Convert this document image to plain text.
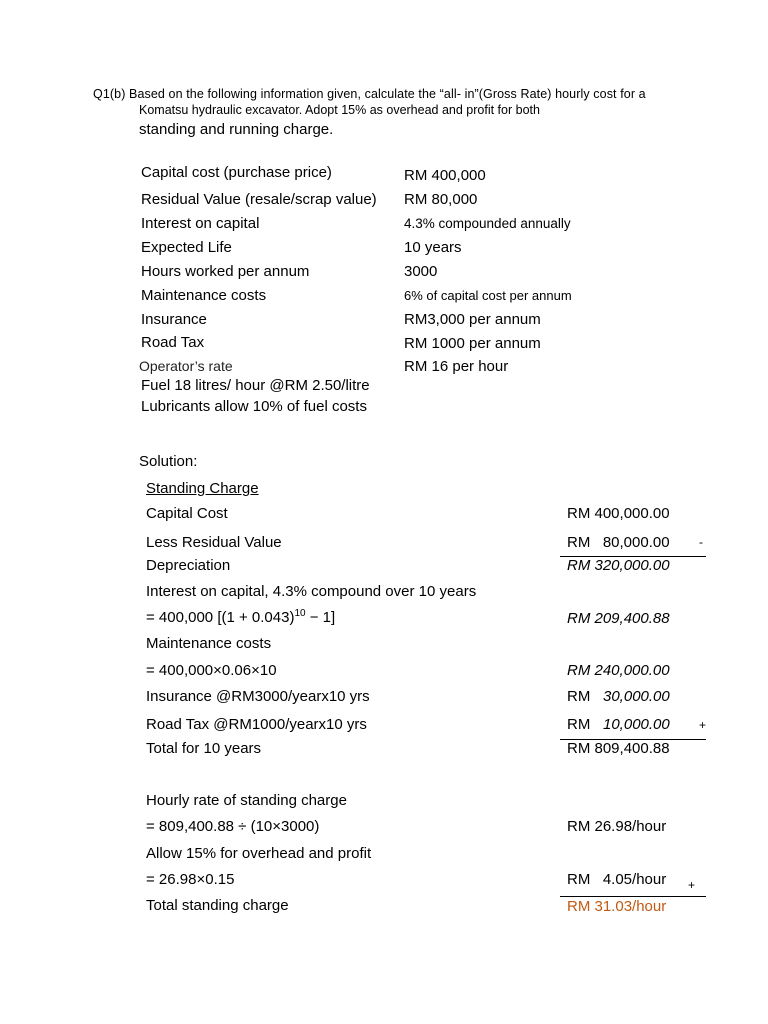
Q1(b) Based on the following information given, calculate the “all- in”(Gross Rate) hourly cost for a
Komatsu hydraulic excavator. Adopt 15% as overhead and profit for both
standing and running charge.
Capital cost (purchase price)	RM 400,000
Residual Value (resale/scrap value) RM 80,000
Interest on capital	4.3% compounded annually
Expected Life	10 years
Hours worked per annum	3000
Maintenance costs	6% of capital cost per annum
Insurance	RM3,000 per annum
Road Tax	RM 1000 per annum
Operator’s rate	RM 16 per hour
Fuel 18 litres/ hour @RM 2.50/litre
Lubricants allow 10% of fuel costs
Solution:
Standing Charge
Capital Cost	RM 400,000.00
Less Residual Value	RM   80,000.00 -
Depreciation	RM 320,000.00
Interest on capital, 4.3% compound over 10 years
= 400,000 $[(1 + 0.043)^{10} - 1]$	RM 209,400.88
Maintenance costs
= 400,000×0.06×10	RM 240,000.00
Insurance @RM3000/yearx10 yrs	RM 30,000.00
Road Tax @RM1000/yearx10 yrs	RM 10,000.00 +
Total for 10 years	RM 809,400.88
Hourly rate of standing charge
= 809,400.88 ÷ (10×3000)	RM 26.98/hour
Allow 15% for overhead and profit
= 26.98×0.15	RM   4.05/hour +
Total standing charge	RM 31.03/hour
